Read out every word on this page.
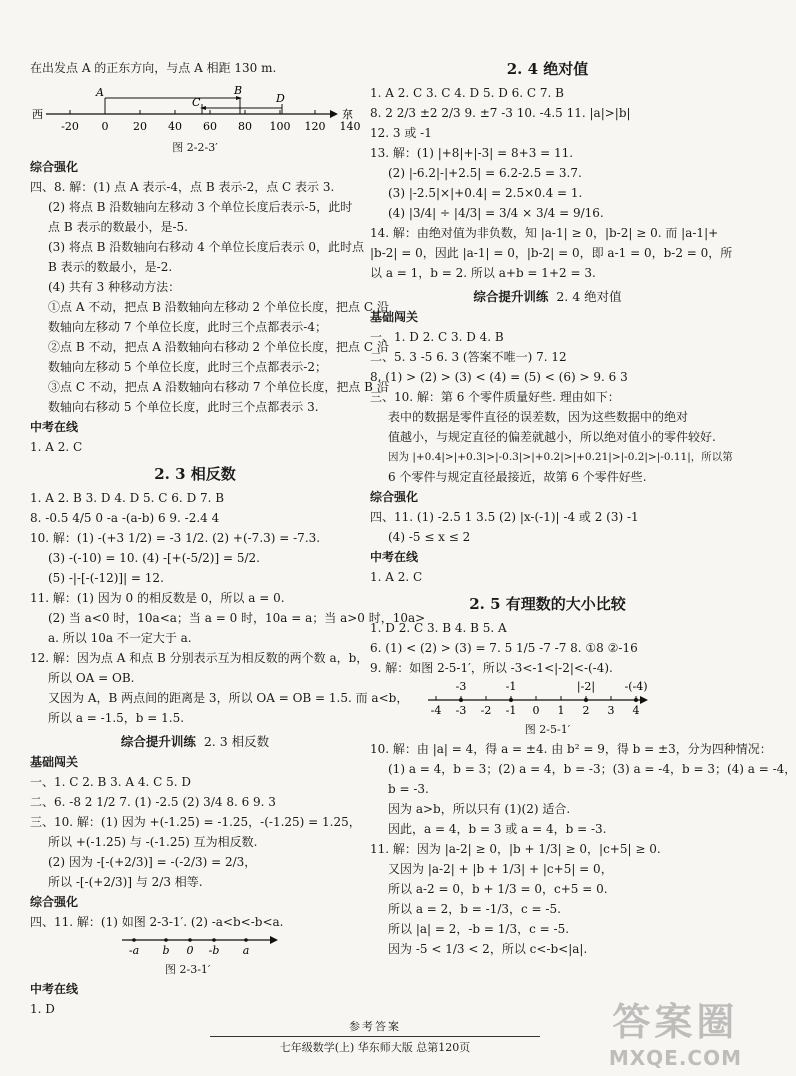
在出发点 A 的正东方向，与点 A 相距 130 m.
西	东
-20 0 20 40 60 80 100 120 140
A	B
C	D
图 2-2-3′
综合强化
四、8. 解：(1) 点 A 表示-4，点 B 表示-2，点 C 表示 3.
(2) 将点 B 沿数轴向左移动 3 个单位长度后表示-5，此时
点 B 表示的数最小，是-5.
(3) 将点 B 沿数轴向右移动 4 个单位长度后表示 0，此时点
B 表示的数最小，是-2.
(4) 共有 3 种移动方法：
①点 A 不动，把点 B 沿数轴向左移动 2 个单位长度，把点 C 沿
数轴向左移动 7 个单位长度，此时三个点都表示-4；
②点 B 不动，把点 A 沿数轴向右移动 2 个单位长度，把点 C 沿
数轴向左移动 5 个单位长度，此时三个点都表示-2；
③点 C 不动，把点 A 沿数轴向右移动 7 个单位长度，把点 B 沿
数轴向右移动 5 个单位长度，此时三个点都表示 3.
中考在线
1. A 2. C
2. 3 相反数
1. A 2. B 3. D 4. D 5. C 6. D 7. B
8. -0.5 4/5 0 -a -(a-b) 6 9. -2.4 4
10. 解：(1) -(+3 1/2) = -3 1/2. (2) +(-7.3) = -7.3.
(3) -(-10) = 10. (4) -[+(-5/2)] = 5/2.
(5) -|-[-(-12)]| = 12.
11. 解：(1) 因为 0 的相反数是 0，所以 a = 0.
(2) 当 a<0 时，10a<a；当 a = 0 时，10a = a；当 a>0 时，10a>
a. 所以 10a 不一定大于 a.
12. 解：因为点 A 和点 B 分别表示互为相反数的两个数 a，b，
所以 OA = OB.
又因为 A，B 两点间的距离是 3，所以 OA = OB = 1.5. 而 a<b，
所以 a = -1.5，b = 1.5.
综合提升训练 2. 3 相反数
基础闯关
一、1. C 2. B 3. A 4. C 5. D
二、6. -8 2 1/2 7. (1) -2.5 (2) 3/4 8. 6 9. 3
三、10. 解：(1) 因为 +(-1.25) = -1.25，-(-1.25) = 1.25，
所以 +(-1.25) 与 -(-1.25) 互为相反数.
(2) 因为 -[-(+2/3)] = -(-2/3) = 2/3，
所以 -[-(+2/3)] 与 2/3 相等.
综合强化
四、11. 解：(1) 如图 2-3-1′. (2) -a<b<-b<a.
-a b 0 -b a
图 2-3-1′
中考在线
1. D
2. 4 绝对值
1. A 2. C 3. C 4. D 5. D 6. C 7. B
8. 2 2/3 ±2 2/3 9. ±7 -3 10. -4.5 11. |a|>|b|
12. 3 或 -1
13. 解：(1) |+8|+|-3| = 8+3 = 11.
(2) |-6.2|-|+2.5| = 6.2-2.5 = 3.7.
(3) |-2.5|×|+0.4| = 2.5×0.4 = 1.
(4) |3/4| ÷ |4/3| = 3/4 × 3/4 = 9/16.
14. 解：由绝对值为非负数，知 |a-1| ≥ 0，|b-2| ≥ 0. 而 |a-1|+
|b-2| = 0，因此 |a-1| = 0，|b-2| = 0，即 a-1 = 0，b-2 = 0，所
以 a = 1，b = 2. 所以 a+b = 1+2 = 3.
综合提升训练 2. 4 绝对值
基础闯关
一、1. D 2. C 3. D 4. B
二、5. 3 -5 6. 3 (答案不唯一) 7. 12
8. (1) > (2) > (3) < (4) = (5) < (6) > 9. 6 3
三、10. 解：第 6 个零件质量好些. 理由如下：
表中的数据是零件直径的误差数，因为这些数据中的绝对
值越小，与规定直径的偏差就越小，所以绝对值小的零件较好.
因为 |+0.4|>|+0.3|>|-0.3|>|+0.2|>|+0.21|>|-0.2|>|-0.11|，所以第
6 个零件与规定直径最接近，故第 6 个零件好些.
综合强化
四、11. (1) -2.5 1 3.5 (2) |x-(-1)| -4 或 2 (3) -1
(4) -5 ≤ x ≤ 2
中考在线
1. A 2. C
2. 5 有理数的大小比较
1. D 2. C 3. B 4. B 5. A
6. (1) < (2) > (3) = 7. 5 1/5 -7 -7 8. ①8 ②-16
9. 解：如图 2-5-1′，所以 -3<-1<|-2|<-(-4).
-4 -3 -2 -1 0 1 2 3 4
-3	-1	|-2|	-(-4)
图 2-5-1′
10. 解：由 |a| = 4，得 a = ±4. 由 b² = 9，得 b = ±3，分为四种情况：
(1) a = 4，b = 3；(2) a = 4，b = -3；(3) a = -4，b = 3；(4) a = -4，
b = -3.
因为 a>b，所以只有 (1)(2) 适合.
因此，a = 4，b = 3 或 a = 4，b = -3.
11. 解：因为 |a-2| ≥ 0，|b + 1/3| ≥ 0，|c+5| ≥ 0.
又因为 |a-2| + |b + 1/3| + |c+5| = 0，
所以 a-2 = 0，b + 1/3 = 0，c+5 = 0.
所以 a = 2，b = -1/3，c = -5.
所以 |a| = 2，-b = 1/3，c = -5.
因为 -5 < 1/3 < 2，所以 c<-b<|a|.
参考答案
七年级数学(上) 华东师大版 总第120页
答案圈
MXQE.COM
